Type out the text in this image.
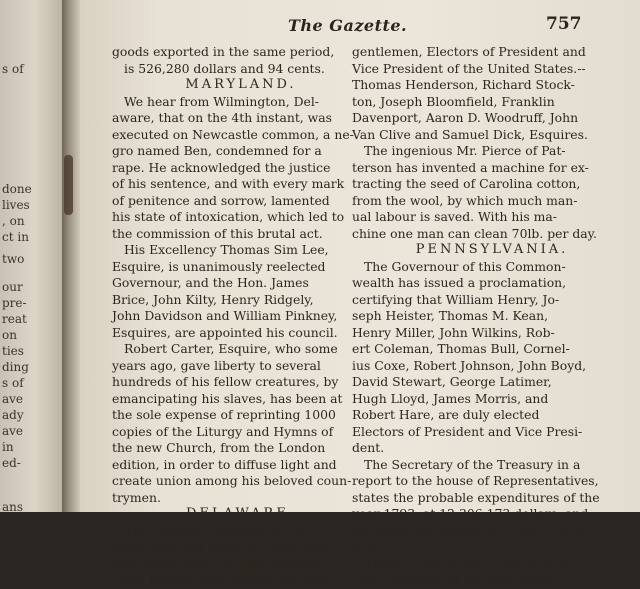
s of
done
lives
, on
ct in
two
our
pre-
reat
on
ties
ding
s of
ave
ady
ave
in
ed-
ans
The Gazette.	757
goods exported in the same period,
is 526,280 dollars and 94 cents.
MARYLAND.
We hear from Wilmington, Del-
aware, that on the 4th instant, was
executed on Newcastle common, a ne-
gro named Ben, condemned for a
rape. He acknowledged the justice
of his sentence, and with every mark
of penitence and sorrow, lamented
his state of intoxication, which led to
the commission of this brutal act.
His Excellency Thomas Sim Lee,
Esquire, is unanimously reelected
Governour, and the Hon. James
Brice, John Kilty, Henry Ridgely,
John Davidson and William Pinkney,
Esquires, are appointed his council.
Robert Carter, Esquire, who some
years ago, gave liberty to several
hundreds of his fellow creatures, by
emancipating his slaves, has been at
the sole expense of reprinting 1000
copies of the Liturgy and Hymns of
the new Church, from the London
edition, in order to diffuse light and
create union among his beloved coun-
trymen.
DELAWARE.
The General Assembly of this
State, met last week at Dover, and
have appointed Gunning Bedford,
Isaac Bassett and William Hill Wells
gentlemen, Electors of President and
Vice President of the United States.--
Thomas Henderson, Richard Stock-
ton, Joseph Bloomfield, Franklin
Davenport, Aaron D. Woodruff, John
Van Clive and Samuel Dick, Esquires.
The ingenious Mr. Pierce of Pat-
terson has invented a machine for ex-
tracting the seed of Carolina cotton,
from the wool, by which much man-
ual labour is saved. With his ma-
chine one man can clean 70lb. per day.
PENNSYLVANIA.
The Governour of this Common-
wealth has issued a proclamation,
certifying that William Henry, Jo-
seph Heister, Thomas M. Kean,
Henry Miller, John Wilkins, Rob-
ert Coleman, Thomas Bull, Cornel-
ius Coxe, Robert Johnson, John Boyd,
David Stewart, George Latimer,
Hugh Lloyd, James Morris, and
Robert Hare, are duly elected
Electors of President and Vice Presi-
dent.
The Secretary of the Treasury in a
report to the house of Representatives,
states the probable expenditures of the
year 1793, at 12,306,173 dollars, and
the ways and means at 12,393,195 dol-
lars.
There is now in the press at New-
york, Memoirs of the Life, Letters
